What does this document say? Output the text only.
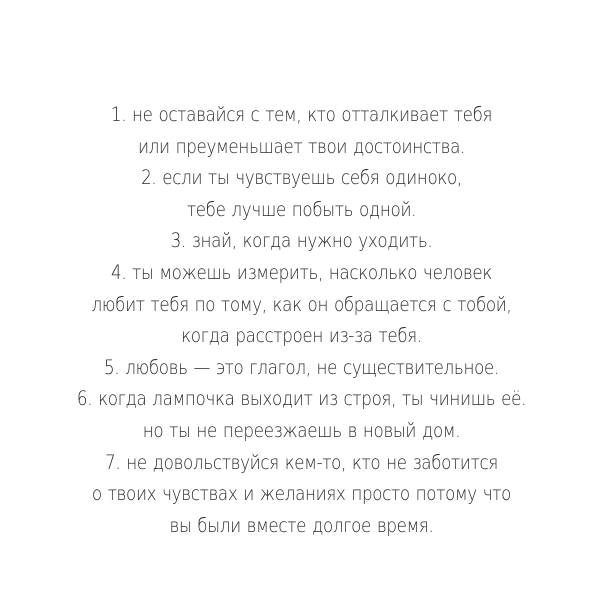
1. не оставайся с тем, кто отталкивает тебя
или преуменьшает твои достоинства.
2. если ты чувствуешь себя одиноко,
тебе лучше побыть одной.
3. знай, когда нужно уходить.
4. ты можешь измерить, насколько человек
любит тебя по тому, как он обращается с тобой,
когда расстроен из-за тебя.
5. любовь — это глагол, не существительное.
6. когда лампочка выходит из строя, ты чинишь её.
но ты не переезжаешь в новый дом.
7. не довольствуйся кем-то, кто не заботится
о твоих чувствах и желаниях просто потому что
вы были вместе долгое время.
